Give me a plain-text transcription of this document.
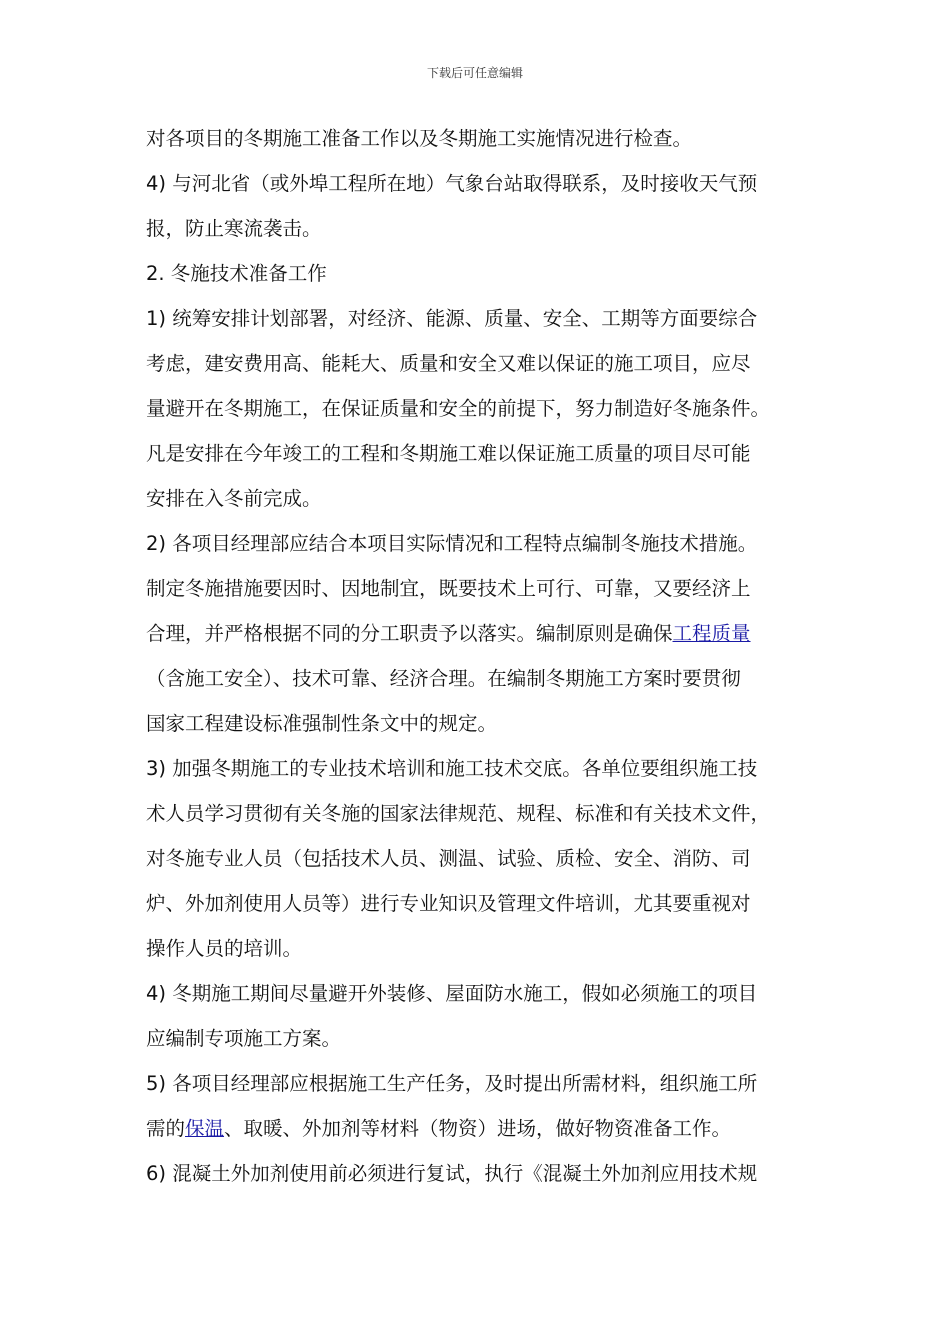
下载后可任意编辑
对各项目的冬期施工准备工作以及冬期施工实施情况进行检查。
4) 与河北省（或外埠工程所在地）气象台站取得联系，及时接收天气预
报，防止寒流袭击。
2. 冬施技术准备工作
1) 统筹安排计划部署，对经济、能源、质量、安全、工期等方面要综合
考虑，建安费用高、能耗大、质量和安全又难以保证的施工项目，应尽
量避开在冬期施工，在保证质量和安全的前提下，努力制造好冬施条件。
凡是安排在今年竣工的工程和冬期施工难以保证施工质量的项目尽可能
安排在入冬前完成。
2) 各项目经理部应结合本项目实际情况和工程特点编制冬施技术措施。
制定冬施措施要因时、因地制宜，既要技术上可行、可靠，又要经济上
合理，并严格根据不同的分工职责予以落实。编制原则是确保工程质量
（含施工安全）、技术可靠、经济合理。在编制冬期施工方案时要贯彻
国家工程建设标准强制性条文中的规定。
3) 加强冬期施工的专业技术培训和施工技术交底。各单位要组织施工技
术人员学习贯彻有关冬施的国家法律规范、规程、标准和有关技术文件，
对冬施专业人员（包括技术人员、测温、试验、质检、安全、消防、司
炉、外加剂使用人员等）进行专业知识及管理文件培训，尤其要重视对
操作人员的培训。
4) 冬期施工期间尽量避开外装修、屋面防水施工，假如必须施工的项目
应编制专项施工方案。
5) 各项目经理部应根据施工生产任务，及时提出所需材料，组织施工所
需的保温、取暖、外加剂等材料（物资）进场，做好物资准备工作。
6) 混凝土外加剂使用前必须进行复试，执行《混凝土外加剂应用技术规
